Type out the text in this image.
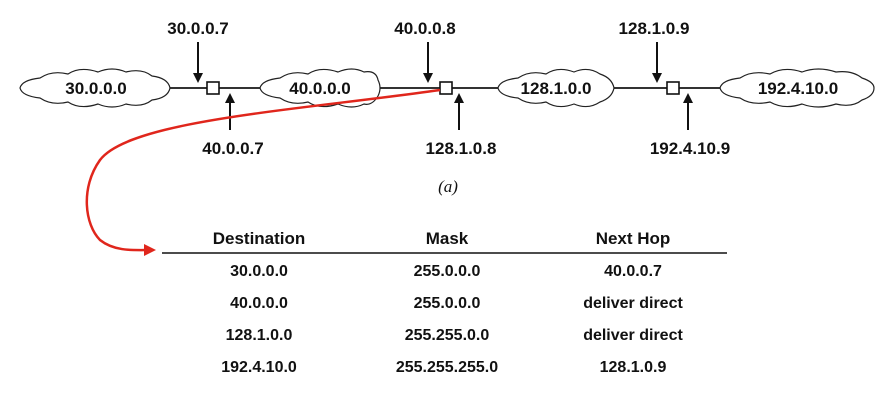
30.0.0.0	40.0.0.0	128.1.0.0	192.4.10.0
30.0.0.7
40.0.0.7
40.0.0.8
128.1.0.8
128.1.0.9
192.4.10.9
(a)
Destination	Mask	Next Hop
30.0.0.0	255.0.0.0	40.0.0.7
40.0.0.0	255.0.0.0	deliver direct
128.1.0.0	255.255.0.0	deliver direct
192.4.10.0	255.255.255.0	128.1.0.9
